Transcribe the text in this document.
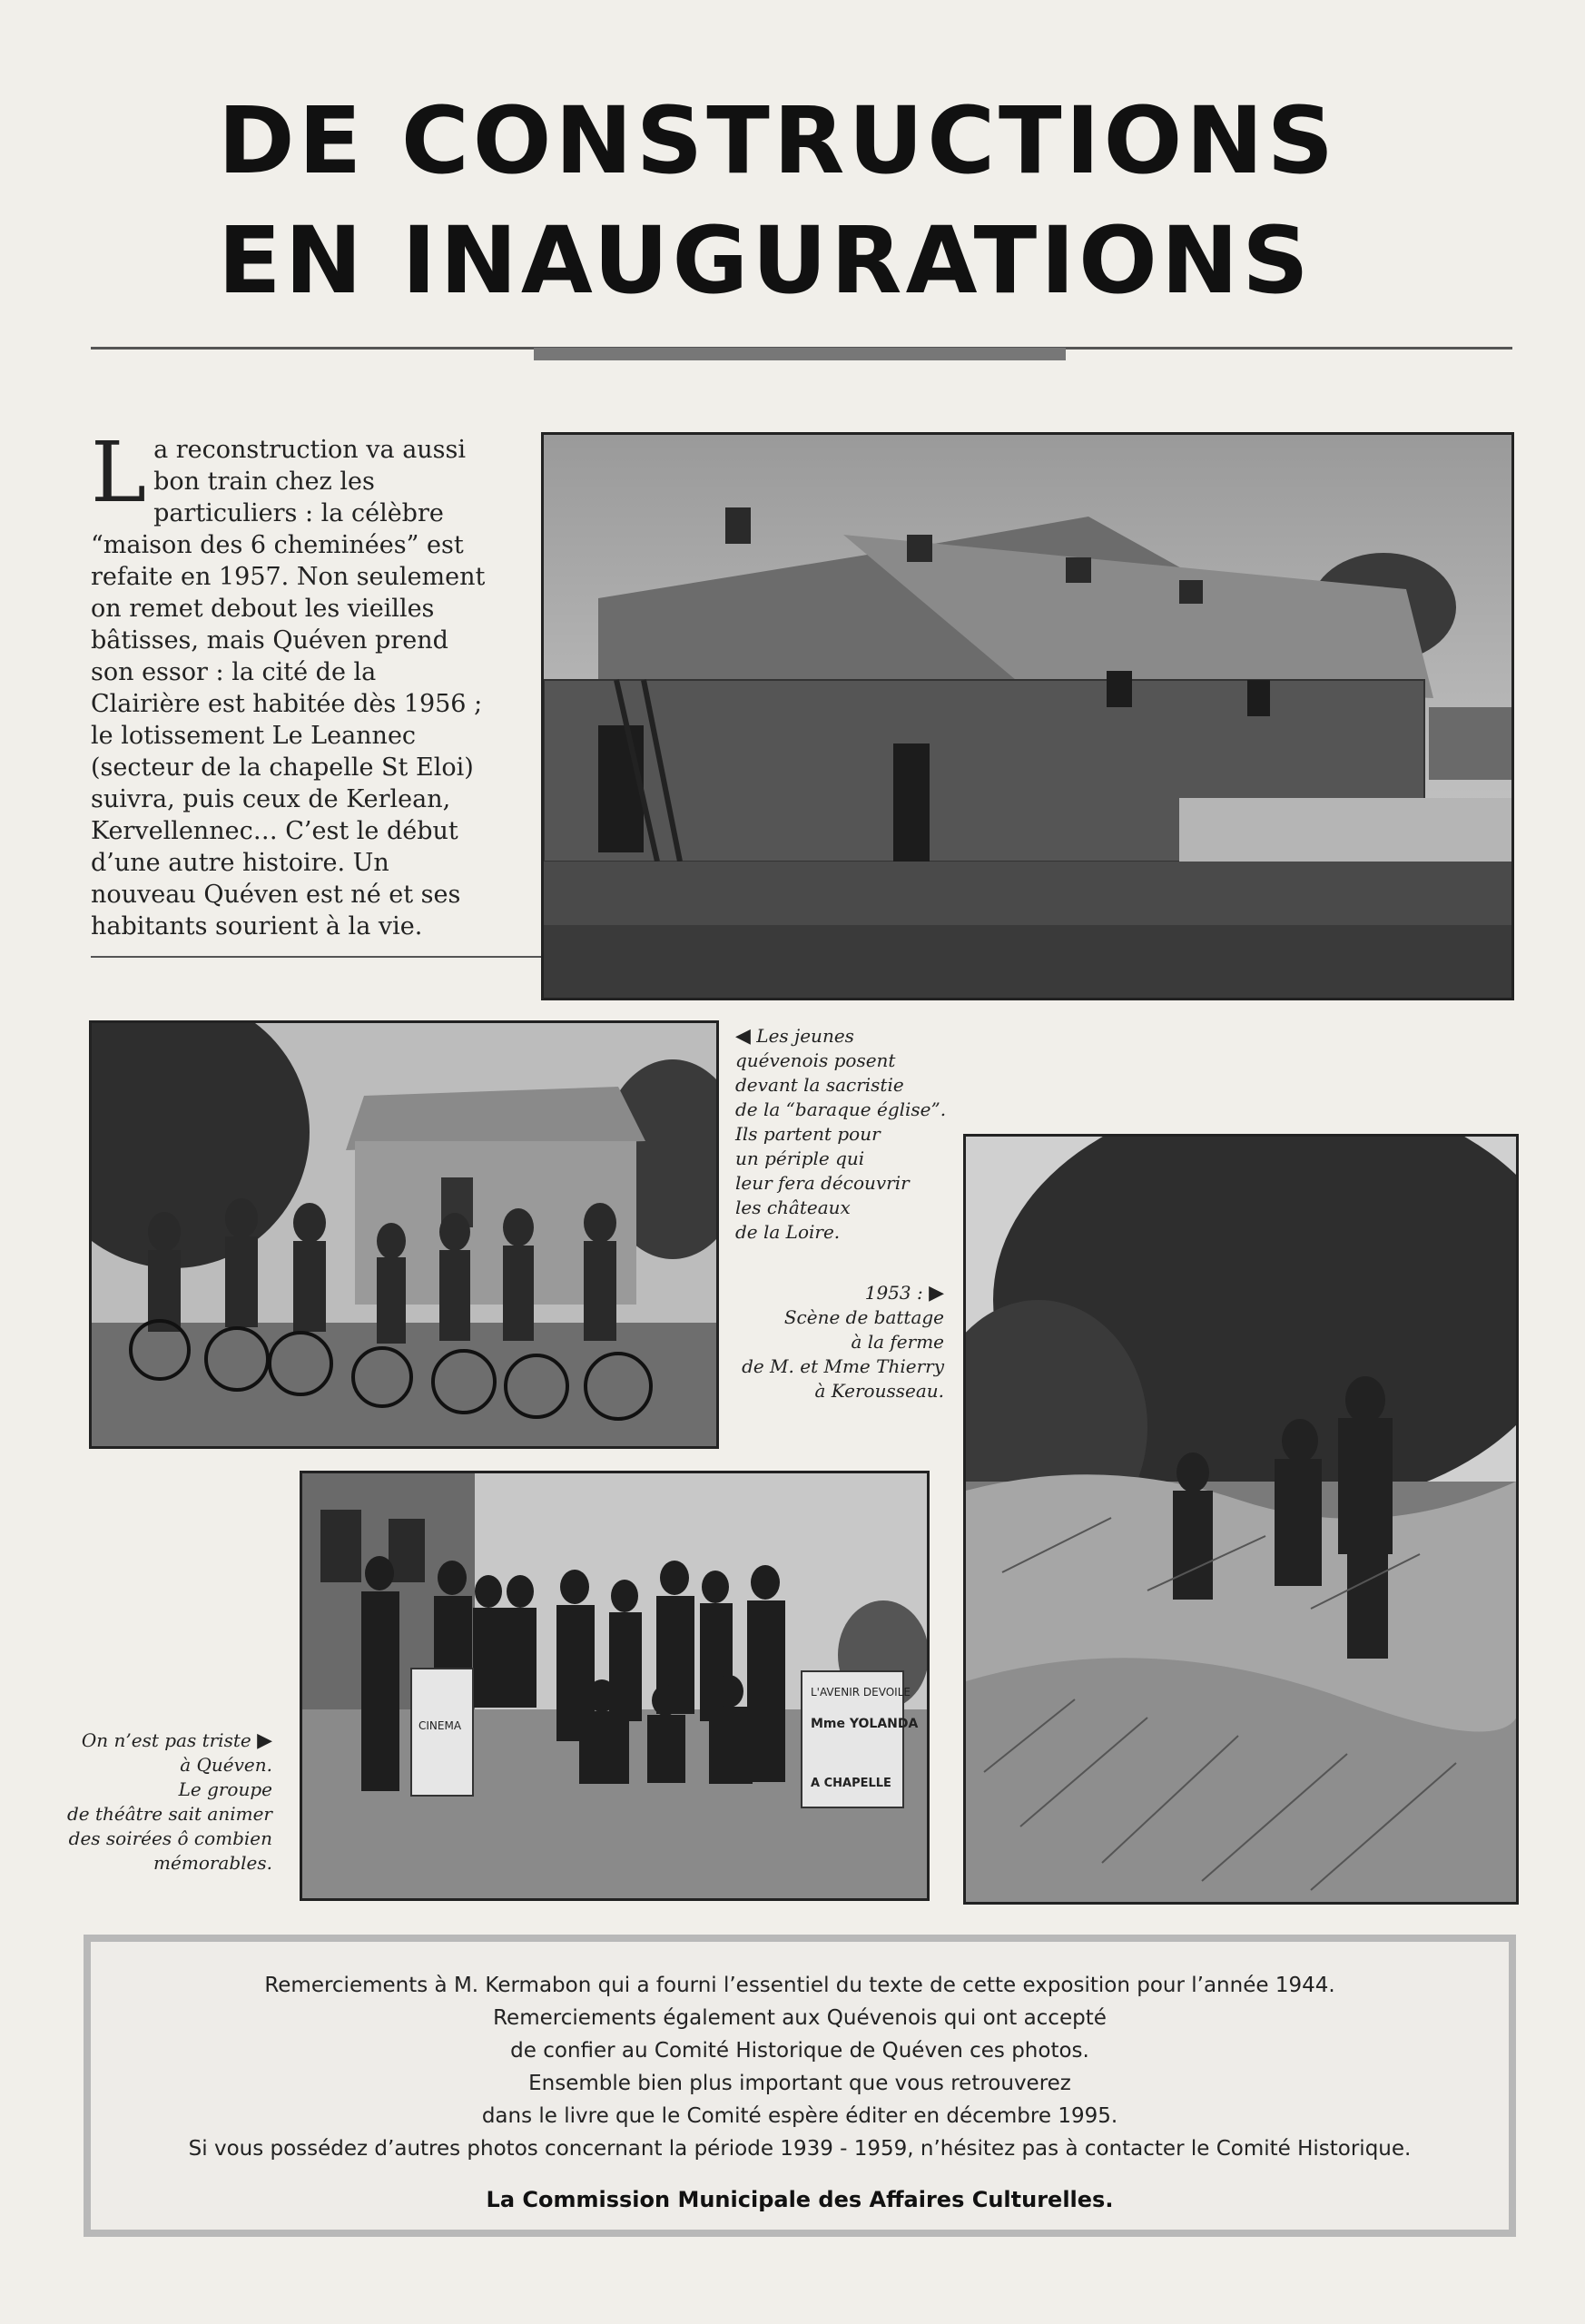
DE CONSTRUCTIONS
EN INAUGURATIONS
L a reconstruction va aussi bon train chez les particuliers : la célèbre “maison des 6 cheminées” est refaite en 1957. Non seulement on remet debout les vieilles bâtisses, mais Quéven prend son essor : la cité de la Clairière est habitée dès 1956 ; le lotissement Le Leannec (secteur de la chapelle St Eloi) suivra, puis ceux de Kerlean, Kervellennec… C’est le début d’une autre histoire. Un nouveau Quéven est né et ses habitants sourient à la vie.
◀ Les jeunes
quévenois posent
devant la sacristie
de la “baraque église”.
Ils partent pour
un périple qui
leur fera découvrir
les châteaux
de la Loire.
1953 : ▶
Scène de battage
à la ferme
de M. et Mme Thierry
à Kerousseau.
CINEMA
L'AVENIR DEVOILE
Mme YOLANDA
A CHAPELLE
On n’est pas triste ▶
à Quéven.
Le groupe
de théâtre sait animer
des soirées ô combien
mémorables.
Remerciements à M. Kermabon qui a fourni l’essentiel du texte de cette exposition pour l’année 1944.
Remerciements également aux Quévenois qui ont accepté
de confier au Comité Historique de Quéven ces photos.
Ensemble bien plus important que vous retrouverez
dans le livre que le Comité espère éditer en décembre 1995.
Si vous possédez d’autres photos concernant la période 1939 - 1959, n’hésitez pas à contacter le Comité Historique.
La Commission Municipale des Affaires Culturelles.
